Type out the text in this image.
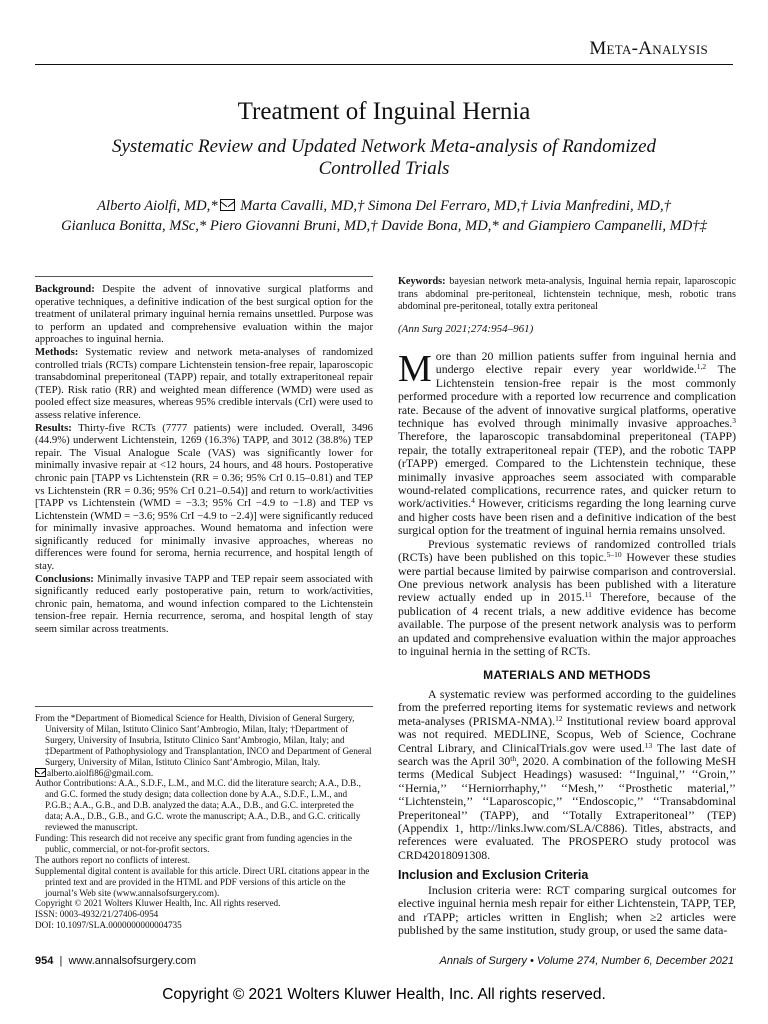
Meta-Analysis
Treatment of Inguinal Hernia
Systematic Review and Updated Network Meta-analysis of Randomized Controlled Trials
Alberto Aiolfi, MD,* Marta Cavalli, MD,† Simona Del Ferraro, MD,† Livia Manfredini, MD,†
Gianluca Bonitta, MSc,* Piero Giovanni Bruni, MD,† Davide Bona, MD,* and Giampiero Campanelli, MD†‡

Background: Despite the advent of innovative surgical platforms and operative techniques, a definitive indication of the best surgical option for the treatment of unilateral primary inguinal hernia remains unsettled. Purpose was to perform an updated and comprehensive evaluation within the major approaches to inguinal hernia.

Methods: Systematic review and network meta-analyses of randomized controlled trials (RCTs) compare Lichtenstein tension-free repair, laparoscopic transabdominal preperitoneal (TAPP) repair, and totally extraperitoneal repair (TEP). Risk ratio (RR) and weighted mean difference (WMD) were used as pooled effect size measures, whereas 95% credible intervals (CrI) were used to assess relative inference.

Results: Thirty-five RCTs (7777 patients) were included. Overall, 3496 (44.9%) underwent Lichtenstein, 1269 (16.3%) TAPP, and 3012 (38.8%) TEP repair. The Visual Analogue Scale (VAS) was significantly lower for minimally invasive repair at <12 hours, 24 hours, and 48 hours. Postoperative chronic pain [TAPP vs Lichtenstein (RR = 0.36; 95% CrI 0.15–0.81) and TEP vs Lichtenstein (RR = 0.36; 95% CrI 0.21–0.54)] and return to work/activities [TAPP vs Lichtenstein (WMD = −3.3; 95% CrI −4.9 to −1.8) and TEP vs Lichtenstein (WMD = −3.6; 95% CrI −4.9 to −2.4)] were significantly reduced for minimally invasive approaches. Wound hematoma and infection were significantly reduced for minimally invasive approaches, whereas no differences were found for seroma, hernia recurrence, and hospital length of stay.

Conclusions: Minimally invasive TAPP and TEP repair seem associated with significantly reduced early postoperative pain, return to work/activities, chronic pain, hematoma, and wound infection compared to the Lichtenstein tension-free repair. Hernia recurrence, seroma, and hospital length of stay seem similar across treatments.

From the *Department of Biomedical Science for Health, Division of General Surgery, University of Milan, Istituto Clinico Sant’Ambrogio, Milan, Italy; †Department of Surgery, University of Insubria, Istituto Clinico Sant’Ambrogio, Milan, Italy; and ‡Department of Pathophysiology and Transplantation, INCO and Department of General Surgery, University of Milan, Istituto Clinico Sant’Ambrogio, Milan, Italy.

alberto.aiolfi86@gmail.com.

Author Contributions: A.A., S.D.F., L.M., and M.C. did the literature search; A.A., D.B., and G.C. formed the study design; data collection done by A.A., S.D.F., L.M., and P.G.B.; A.A., G.B., and D.B. analyzed the data; A.A., D.B., and G.C. interpreted the data; A.A., D.B., G.B., and G.C. wrote the manuscript; A.A., D.B., and G.C. critically reviewed the manuscript.

Funding: This research did not receive any specific grant from funding agencies in the public, commercial, or not-for-profit sectors.

The authors report no conflicts of interest.

Supplemental digital content is available for this article. Direct URL citations appear in the printed text and are provided in the HTML and PDF versions of this article on the journal’s Web site (www.annalsofsurgery.com).

Copyright © 2021 Wolters Kluwer Health, Inc. All rights reserved.

ISSN: 0003-4932/21/27406-0954

DOI: 10.1097/SLA.0000000000004735

Keywords: bayesian network meta-analysis, Inguinal hernia repair, laparoscopic trans abdominal pre-peritoneal, lichtenstein technique, mesh, robotic trans abdominal pre-peritoneal, totally extra peritoneal
(Ann Surg 2021;274:954–961)

More than 20 million patients suffer from inguinal hernia and undergo elective repair every year worldwide.$^{1,2}$ The Lichtenstein tension-free repair is the most commonly performed procedure with a reported low recurrence and complication rate. Because of the advent of innovative surgical platforms, operative technique has evolved through minimally invasive approaches.$^3$ Therefore, the laparoscopic transabdominal preperitoneal (TAPP) repair, the totally extraperitoneal repair (TEP), and the robotic TAPP (rTAPP) emerged. Compared to the Lichtenstein technique, these minimally invasive approaches seem associated with comparable wound-related complications, recurrence rates, and quicker return to work/activities.$^4$ However, criticisms regarding the long learning curve and higher costs have been risen and a definitive indication of the best surgical option for the treatment of inguinal hernia remains unsolved.

Previous systematic reviews of randomized controlled trials (RCTs) have been published on this topic.$^{5-10}$ However these studies were partial because limited by pairwise comparison and controversial. One previous network analysis has been published with a literature review actually ended up in 2015.11 Therefore, because of the publication of 4 recent trials, a new additive evidence has become available. The purpose of the present network analysis was to perform an updated and comprehensive evaluation within the major approaches to inguinal hernia in the setting of RCTs.

MATERIALS AND METHODS

A systematic review was performed according to the guidelines from the preferred reporting items for systematic reviews and network meta-analyses (PRISMA-NMA).$^{12}$ Institutional review board approval was not required. MEDLINE, Scopus, Web of Science, Cochrane Central Library, and ClinicalTrials.gov were used.$^{13}$ The last date of search was the April 30th, 2020. A combination of the following MeSH terms (Medical Subject Headings) wasused: ‘‘Inguinal,’’ ‘‘Groin,’’ ‘‘Hernia,’’ ‘‘Herniorrhaphy,’’ ‘‘Mesh,’’ ‘‘Prosthetic material,’’ ‘‘Lichtenstein,’’ ‘‘Laparoscopic,’’ ‘‘Endoscopic,’’ ‘‘Transabdominal Preperitoneal’’ (TAPP), and ‘‘Totally Extraperitoneal’’ (TEP) (Appendix 1, http://links.lww.com/SLA/C886). Titles, abstracts, and references were evaluated. The PROSPERO study protocol was CRD42018091308.

Inclusion and Exclusion Criteria

Inclusion criteria were: RCT comparing surgical outcomes for elective inguinal hernia mesh repair for either Lichtenstein, TAPP, TEP, and rTAPP; articles written in English; when ≥2 articles were published by the same institution, study group, or used the same data-

954 | www.annalsofsurgery.com	Annals of Surgery • Volume 274, Number 6, December 2021
Copyright © 2021 Wolters Kluwer Health, Inc. All rights reserved.
